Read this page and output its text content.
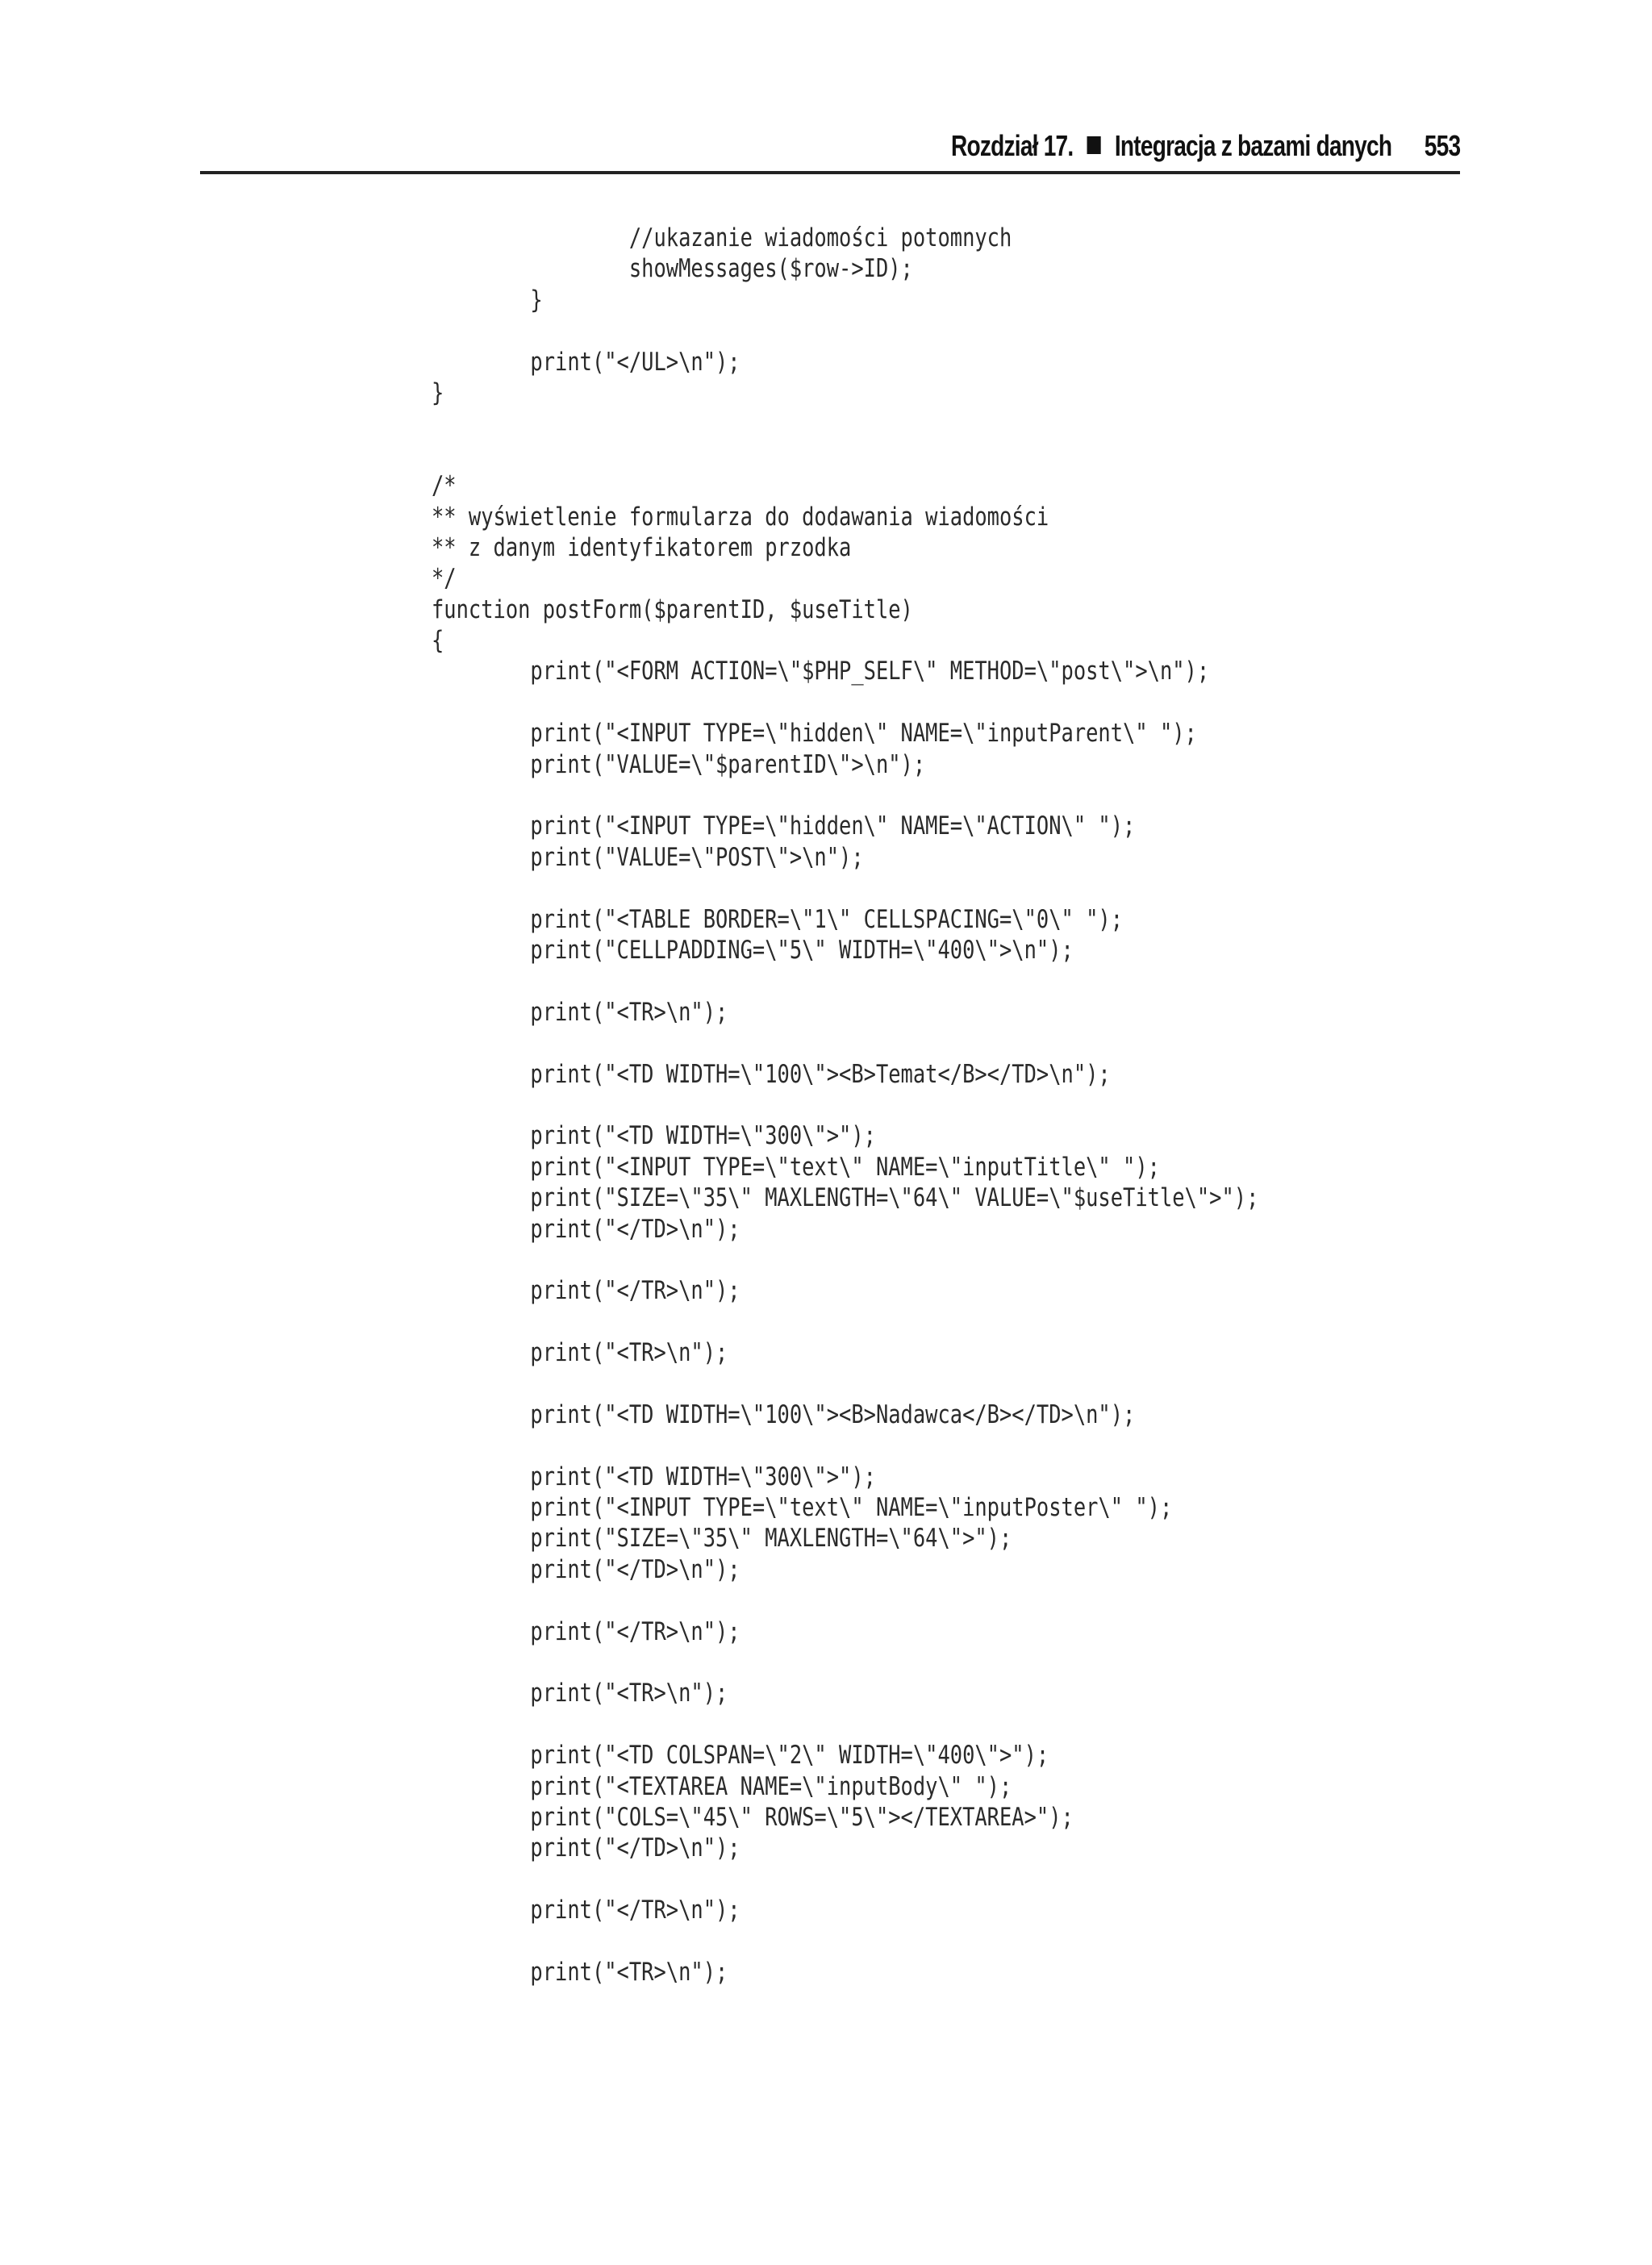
Rozdział 17. Integracja z bazami danych 553
//ukazanie wiadomości potomnych
showMessages($row->ID);
}
print("</UL>\n");
}
/*
** wyświetlenie formularza do dodawania wiadomości
** z danym identyfikatorem przodka
*/
function postForm($parentID, $useTitle)
{
print("<FORM ACTION=\"$PHP_SELF\" METHOD=\"post\">\n");
print("<INPUT TYPE=\"hidden\" NAME=\"inputParent\" ");
print("VALUE=\"$parentID\">\n");
print("<INPUT TYPE=\"hidden\" NAME=\"ACTION\" ");
print("VALUE=\"POST\">\n");
print("<TABLE BORDER=\"1\" CELLSPACING=\"0\" ");
print("CELLPADDING=\"5\" WIDTH=\"400\">\n");
print("<TR>\n");
print("<TD WIDTH=\"100\"><B>Temat</B></TD>\n");
print("<TD WIDTH=\"300\">");
print("<INPUT TYPE=\"text\" NAME=\"inputTitle\" ");
print("SIZE=\"35\" MAXLENGTH=\"64\" VALUE=\"$useTitle\">");
print("</TD>\n");
print("</TR>\n");
print("<TR>\n");
print("<TD WIDTH=\"100\"><B>Nadawca</B></TD>\n");
print("<TD WIDTH=\"300\">");
print("<INPUT TYPE=\"text\" NAME=\"inputPoster\" ");
print("SIZE=\"35\" MAXLENGTH=\"64\">");
print("</TD>\n");
print("</TR>\n");
print("<TR>\n");
print("<TD COLSPAN=\"2\" WIDTH=\"400\">");
print("<TEXTAREA NAME=\"inputBody\" ");
print("COLS=\"45\" ROWS=\"5\"></TEXTAREA>");
print("</TD>\n");
print("</TR>\n");
print("<TR>\n");
